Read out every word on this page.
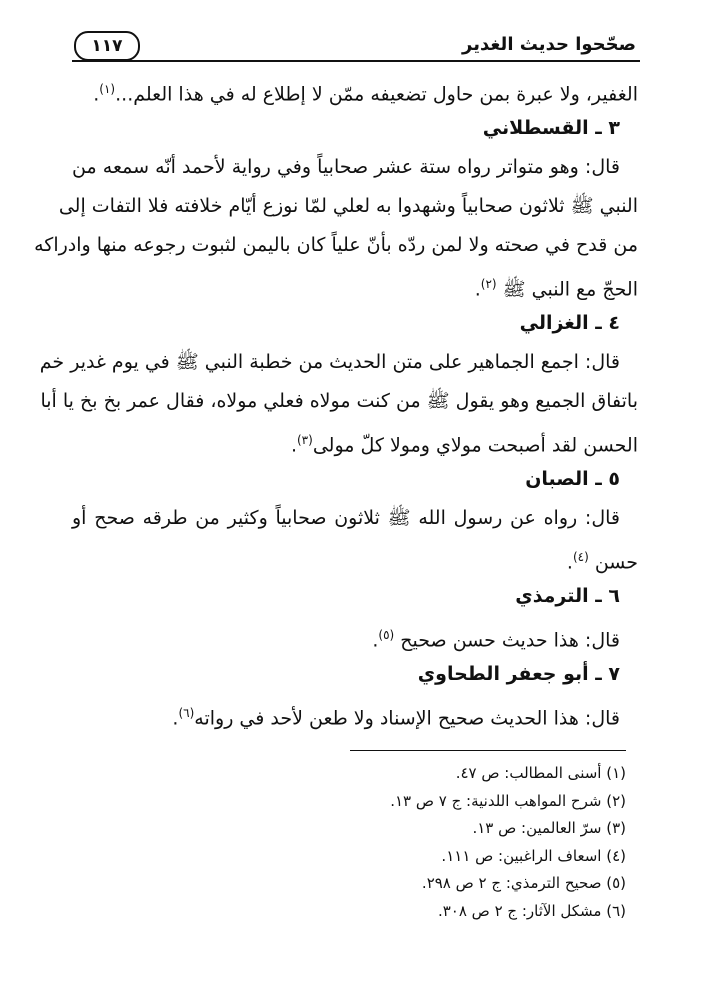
صحّحوا حديث الغدير
١١٧
الغفير، ولا عبرة بمن حاول تضعيفه ممّن لا إطلاع له في هذا العلم...$^{(١)}$.
٣ ـ القسطلاني
قال: وهو متواتر رواه ستة عشر صحابياً وفي رواية لأحمد أنّه سمعه من
النبي ﷺ ثلاثون صحابياً وشهدوا به لعلي لمّا نوزع أيّام خلافته فلا التفات إلى
من قدح في صحته ولا لمن ردّه بأنّ علياً كان باليمن لثبوت رجوعه منها وادراكه
الحجّ مع النبي ﷺ $^{(٢)}$.
٤ ـ الغزالي
قال: اجمع الجماهير على متن الحديث من خطبة النبي ﷺ في يوم غدير خم
باتفاق الجميع وهو يقول ﷺ من كنت مولاه فعلي مولاه، فقال عمر بخ بخ يا أبا
الحسن لقد أصبحت مولاي ومولا كلّ مولى$^{(٣)}$.
٥ ـ الصبان
قال: رواه عن رسول الله ﷺ ثلاثون صحابياً وكثير من طرقه صحح أو
حسن $^{(٤)}$.
٦ ـ الترمذي
قال: هذا حديث حسن صحيح $^{(٥)}$.
٧ ـ أبو جعفر الطحاوي
قال: هذا الحديث صحيح الإسناد ولا طعن لأحد في رواته$^{(٦)}$.
(١) أسنى المطالب: ص ٤٧.
(٢) شرح المواهب اللدنية: ج ٧ ص ١٣.
(٣) سرّ العالمين: ص ١٣.
(٤) اسعاف الراغبين: ص ١١١.
(٥) صحيح الترمذي: ج ٢ ص ٢٩٨.
(٦) مشكل الآثار: ج ٢ ص ٣٠٨.
